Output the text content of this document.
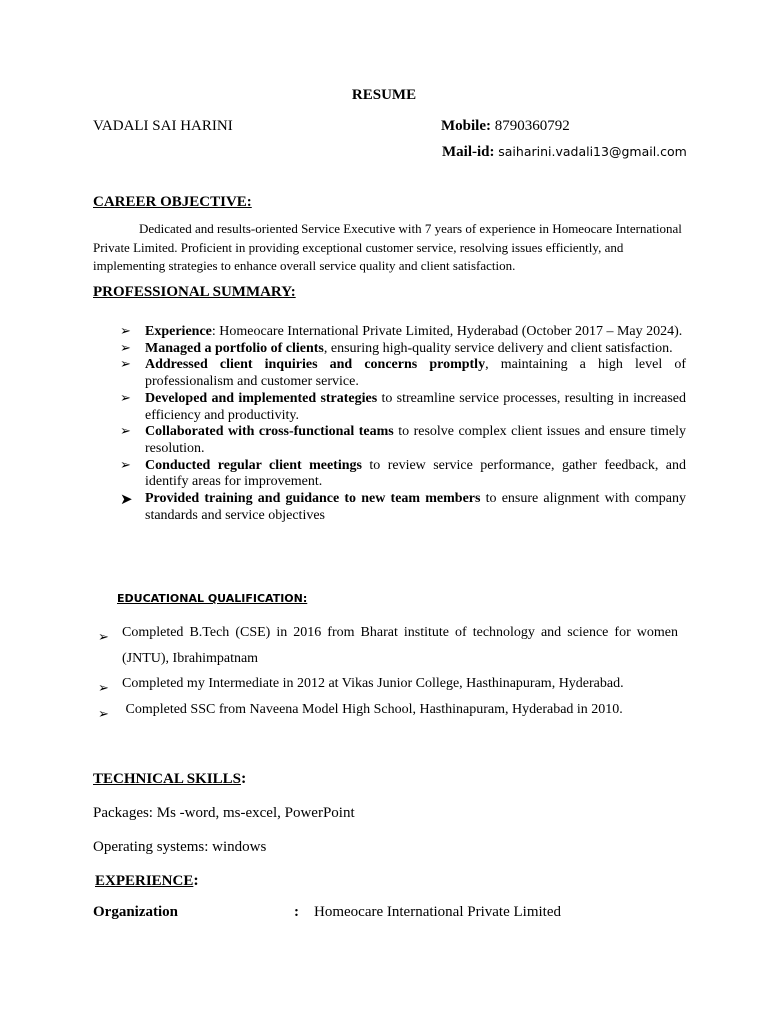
RESUME
VADALI SAI HARINI	Mobile: 8790360792
Mail-id: saiharini.vadali13@gmail.com
CAREER OBJECTIVE:
Dedicated and results-oriented Service Executive with 7 years of experience in Homeocare International Private Limited. Proficient in providing exceptional customer service, resolving issues efficiently, and implementing strategies to enhance overall service quality and client satisfaction.
PROFESSIONAL SUMMARY:
➢ Experience: Homeocare International Private Limited, Hyderabad (October 2017 – May 2024).
➢ Managed a portfolio of clients, ensuring high-quality service delivery and client satisfaction.
➢ Addressed client inquiries and concerns promptly, maintaining a high level of professionalism and customer service.
➢ Developed and implemented strategies to streamline service processes, resulting in increased efficiency and productivity.
➢ Collaborated with cross-functional teams to resolve complex client issues and ensure timely resolution.
➢ Conducted regular client meetings to review service performance, gather feedback, and identify areas for improvement.
➤ Provided training and guidance to new team members to ensure alignment with company standards and service objectives
EDUCATIONAL QUALIFICATION:
➢ Completed B.Tech (CSE) in 2016 from Bharat institute of technology and science for women (JNTU), Ibrahimpatnam
➢ Completed my Intermediate in 2012 at Vikas Junior College, Hasthinapuram, Hyderabad.
➢ Completed SSC from Naveena Model High School, Hasthinapuram, Hyderabad in 2010.
TECHNICAL SKILLS:
Packages: Ms -word, ms-excel, PowerPoint
Operating systems: windows
EXPERIENCE:
Organization	: Homeocare International Private Limited
